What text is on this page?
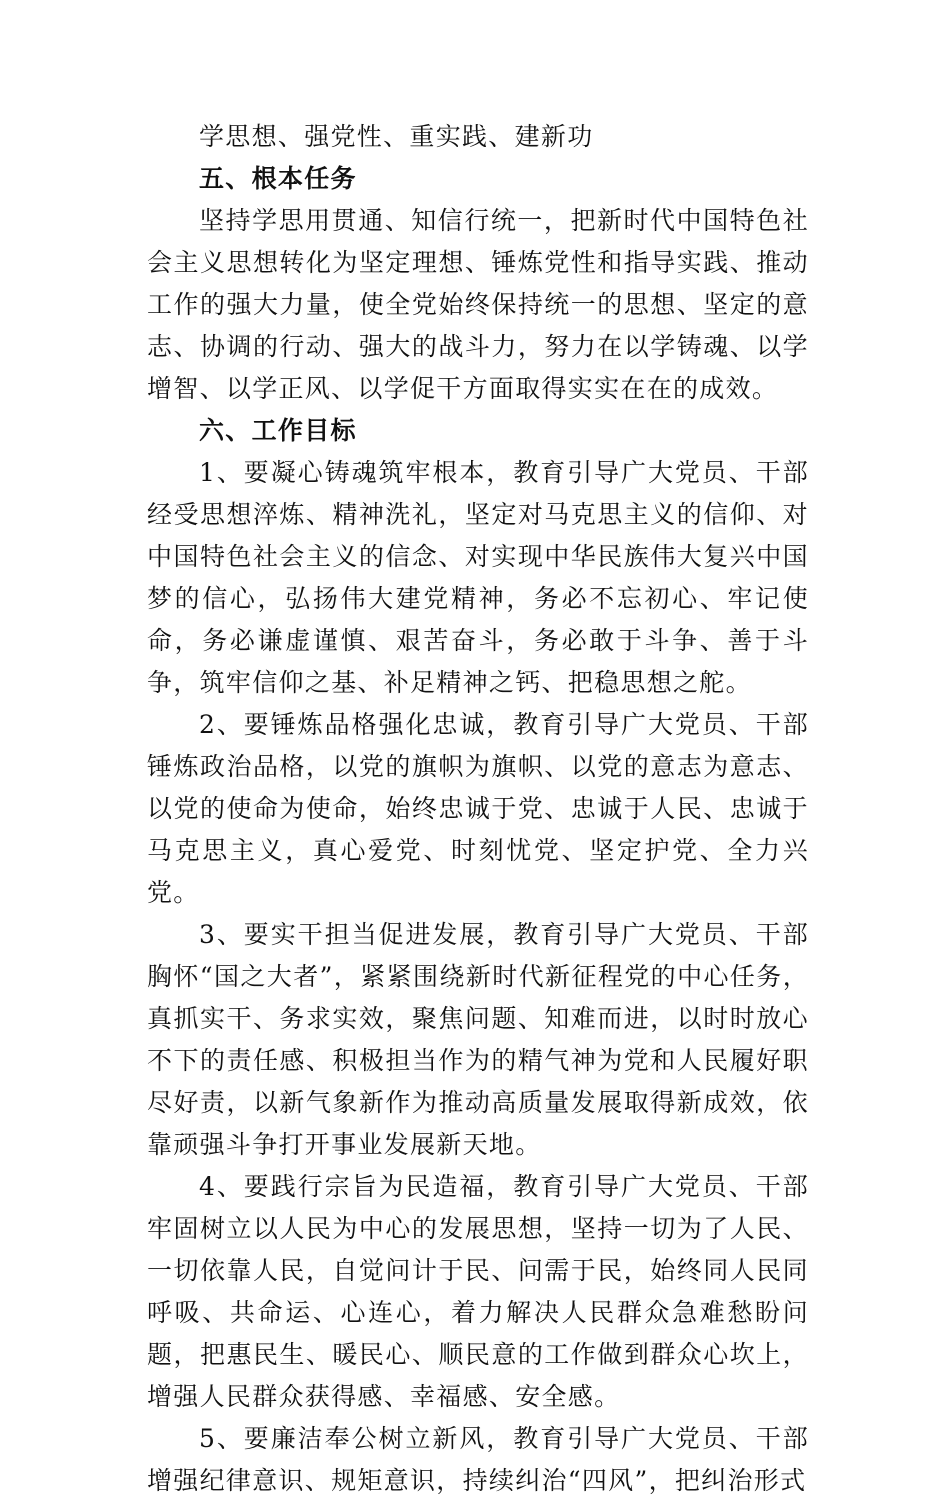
学思想、强党性、重实践、建新功

五、根本任务

坚持学思用贯通、知信行统一，把新时代中国特色社会主义思想转化为坚定理想、锤炼党性和指导实践、推动工作的强大力量，使全党始终保持统一的思想、坚定的意志、协调的行动、强大的战斗力，努力在以学铸魂、以学增智、以学正风、以学促干方面取得实实在在的成效。

六、工作目标

1、要凝心铸魂筑牢根本，教育引导广大党员、干部经受思想淬炼、精神洗礼，坚定对马克思主义的信仰、对中国特色社会主义的信念、对实现中华民族伟大复兴中国梦的信心，弘扬伟大建党精神，务必不忘初心、牢记使命，务必谦虚谨慎、艰苦奋斗，务必敢于斗争、善于斗争，筑牢信仰之基、补足精神之钙、把稳思想之舵。

2、要锤炼品格强化忠诚，教育引导广大党员、干部锤炼政治品格，以党的旗帜为旗帜、以党的意志为意志、以党的使命为使命，始终忠诚于党、忠诚于人民、忠诚于马克思主义，真心爱党、时刻忧党、坚定护党、全力兴党。

3、要实干担当促进发展，教育引导广大党员、干部胸怀“国之大者”，紧紧围绕新时代新征程党的中心任务，真抓实干、务求实效，聚焦问题、知难而进，以时时放心不下的责任感、积极担当作为的精气神为党和人民履好职尽好责，以新气象新作为推动高质量发展取得新成效，依靠顽强斗争打开事业发展新天地。

4、要践行宗旨为民造福，教育引导广大党员、干部牢固树立以人民为中心的发展思想，坚持一切为了人民、一切依靠人民，自觉问计于民、问需于民，始终同人民同呼吸、共命运、心连心，着力解决人民群众急难愁盼问题，把惠民生、暖民心、顺民意的工作做到群众心坎上，增强人民群众获得感、幸福感、安全感。

5、要廉洁奉公树立新风，教育引导广大党员、干部增强纪律意识、规矩意识，持续纠治“四风”，把纠治形式
